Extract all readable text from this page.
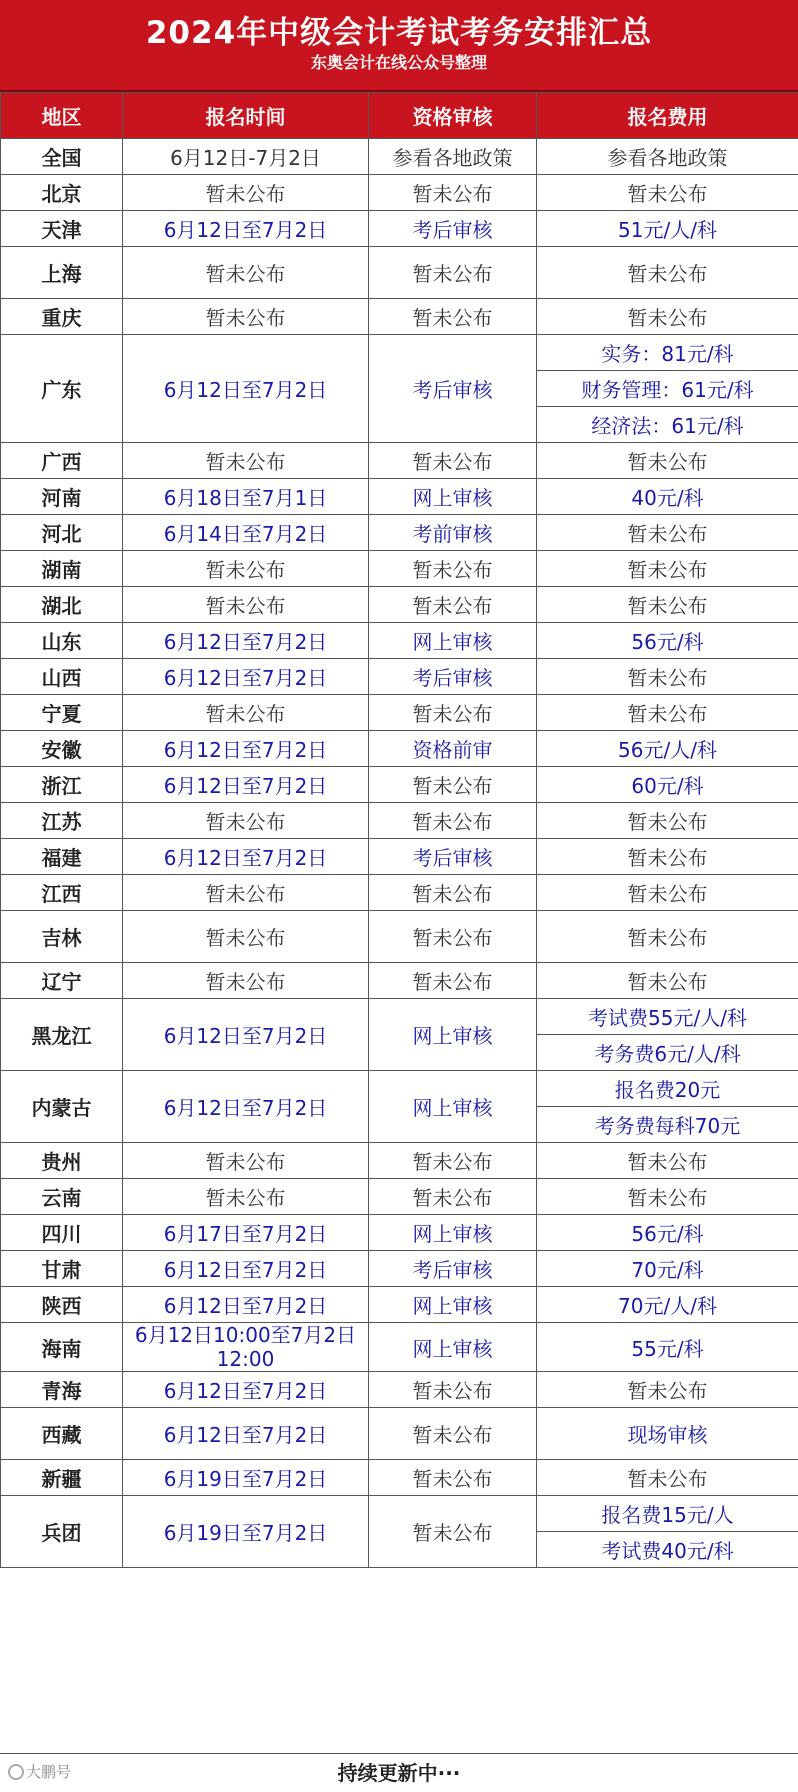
2024年中级会计考试考务安排汇总
东奥会计在线公众号整理
地区	报名时间	资格审核	报名费用
全国	6月12日-7月2日	参看各地政策	参看各地政策
北京	暂未公布	暂未公布	暂未公布
天津	6月12日至7月2日	考后审核	51元/人/科
上海	暂未公布	暂未公布	暂未公布
重庆	暂未公布	暂未公布	暂未公布
广东	6月12日至7月2日	考后审核	实务：81元/科
			财务管理：61元/科
			经济法：61元/科
广西	暂未公布	暂未公布	暂未公布
河南	6月18日至7月1日	网上审核	40元/科
河北	6月14日至7月2日	考前审核	暂未公布
湖南	暂未公布	暂未公布	暂未公布
湖北	暂未公布	暂未公布	暂未公布
山东	6月12日至7月2日	网上审核	56元/科
山西	6月12日至7月2日	考后审核	暂未公布
宁夏	暂未公布	暂未公布	暂未公布
安徽	6月12日至7月2日	资格前审	56元/人/科
浙江	6月12日至7月2日	暂未公布	60元/科
江苏	暂未公布	暂未公布	暂未公布
福建	6月12日至7月2日	考后审核	暂未公布
江西	暂未公布	暂未公布	暂未公布
吉林	暂未公布	暂未公布	暂未公布
辽宁	暂未公布	暂未公布	暂未公布
黑龙江	6月12日至7月2日	网上审核	考试费55元/人/科
			考务费6元/人/科
内蒙古	6月12日至7月2日	网上审核	报名费20元
			考务费每科70元
贵州	暂未公布	暂未公布	暂未公布
云南	暂未公布	暂未公布	暂未公布
四川	6月17日至7月2日	网上审核	56元/科
甘肃	6月12日至7月2日	考后审核	70元/科
陕西	6月12日至7月2日	网上审核	70元/人/科
海南	6月12日10:00至7月2日12:00	网上审核	55元/科
青海	6月12日至7月2日	暂未公布	暂未公布
西藏	6月12日至7月2日	暂未公布	现场审核
新疆	6月19日至7月2日	暂未公布	暂未公布
兵团	6月19日至7月2日	暂未公布	报名费15元/人
			考试费40元/科
持续更新中···
大鹏号
